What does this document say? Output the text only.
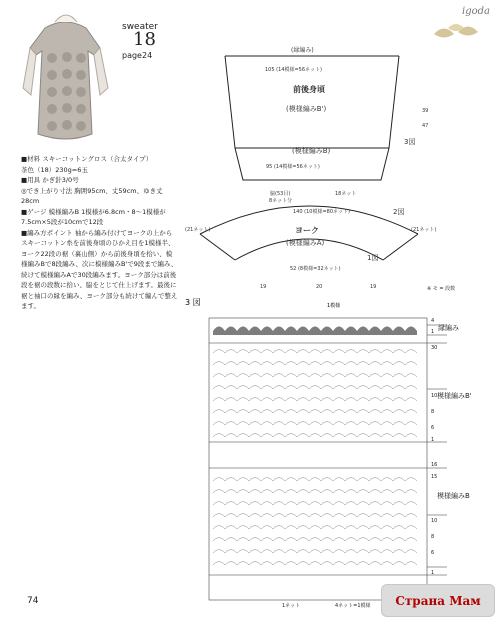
igoda
sweater
18
page24

■材料 スキーコットングロス（合太タイプ）

茶色（18）230g=6玉

■用具 かぎ針3/0号

◎でき上がり寸法 胸囲95cm、丈59cm、ゆき丈28cm

■ゲージ 模様編みB 1模様が6.8cm・8〜1模様が7.5cm×5段が10cmで12段

■編み方ポイント 袖から編み付けてヨークの上からスキーコットン糸を前後身頃のひかえ目を1模様半、ヨーク22段の裾（裏山側）から前後身頃を拾い、模様編みBで8段編み、次に模様編みB'で9段まで編み、続けて模様編みAで30段編みます。ヨーク部分は前後段を裾の段数に拾い、脇をとじて仕上げます。最後に裾と袖口の縁を編み、ヨーク部分も続けて編んで整えます。

(縁編み)
105 (14模様=56ネット)
前後身頃
(模様編みB')
(模様編みB)
95 (14模様=56ネット)
脇(53目)
8ネット分
18ネット
140 (10模様=80ネット)
ヨーク
(模様編みA)
52 (8模様=32ネット)
(21ネット)	(21ネット)
1図
2図
3図
39
47
19	20	19	※ モ = 段数
3 図	1模様
縁編み
模様編みB'
模様編みB
4
1
30
10
8
6
1
16
15
10
8
6
1
1ネット	4ネット=1模様
74	Страна Мам
